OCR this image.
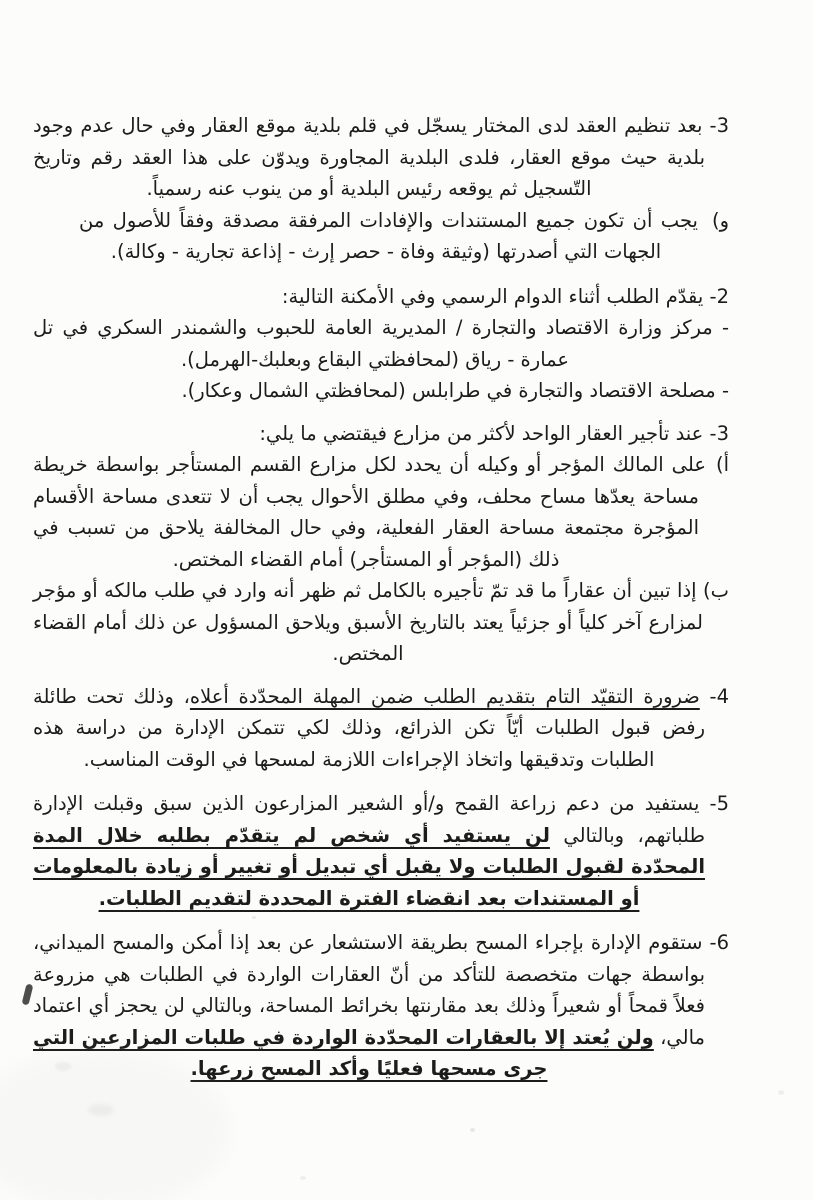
3- بعد تنظيم العقد لدى المختار يسجّل في قلم بلدية موقع العقار وفي حال عدم وجود بلدية حيث موقع العقار، فلدى البلدية المجاورة ويدوّن على هذا العقد رقم وتاريخ التّسجيل ثم يوقعه رئيس البلدية أو من ينوب عنه رسمياً.

و)يجب أن تكون جميع المستندات والإفادات المرفقة مصدقة وفقاً للأصول من الجهات التي أصدرتها (وثيقة وفاة - حصر إرث - إذاعة تجارية - وكالة).

2- يقدّم الطلب أثناء الدوام الرسمي وفي الأمكنة التالية:

- مركز وزارة الاقتصاد والتجارة / المديرية العامة للحبوب والشمندر السكري في تل عمارة - رياق (لمحافظتي البقاع وبعلبك-الهرمل).

- مصلحة الاقتصاد والتجارة في طرابلس (لمحافظتي الشمال وعكار).

3- عند تأجير العقار الواحد لأكثر من مزارع فيقتضي ما يلي:

أ)على المالك المؤجر أو وكيله أن يحدد لكل مزارع القسم المستأجر بواسطة خريطة مساحة يعدّها مساح محلف، وفي مطلق الأحوال يجب أن لا تتعدى مساحة الأقسام المؤجرة مجتمعة مساحة العقار الفعلية، وفي حال المخالفة يلاحق من تسبب في ذلك (المؤجر أو المستأجر) أمام القضاء المختص.

ب) إذا تبين أن عقاراً ما قد تمّ تأجيره بالكامل ثم ظهر أنه وارد في طلب مالكه أو مؤجر لمزارع آخر كلياً أو جزئياً يعتد بالتاريخ الأسبق ويلاحق المسؤول عن ذلك أمام القضاء المختص.

4- ضرورة التقيّد التام بتقديم الطلب ضمن المهلة المحدّدة أعلاه، وذلك تحت طائلة رفض قبول الطلبات أيّاً تكن الذرائع، وذلك لكي تتمكن الإدارة من دراسة هذه الطلبات وتدقيقها واتخاذ الإجراءات اللازمة لمسحها في الوقت المناسب.

5- يستفيد من دعم زراعة القمح و/أو الشعير المزارعون الذين سبق وقبلت الإدارة طلباتهم، وبالتالي لن يستفيد أي شخص لم يتقدّم بطلبه خلال المدة المحدّدة لقبول الطلبات ولا يقبل أي تبديل أو تغيير أو زيادة بالمعلومات أو المستندات بعد انقضاء الفترة المحددة لتقديم الطلبات.

6- ستقوم الإدارة بإجراء المسح بطريقة الاستشعار عن بعد إذا أمكن والمسح الميداني، بواسطة جهات متخصصة للتأكد من أنّ العقارات الواردة في الطلبات هي مزروعة فعلاً قمحاً أو شعيراً وذلك بعد مقارنتها بخرائط المساحة، وبالتالي لن يحجز أي اعتماد مالي، ولن يُعتد إلا بالعقارات المحدّدة الواردة في طلبات المزارعين التي جرى مسحها فعليًا وأكد المسح زرعها.
